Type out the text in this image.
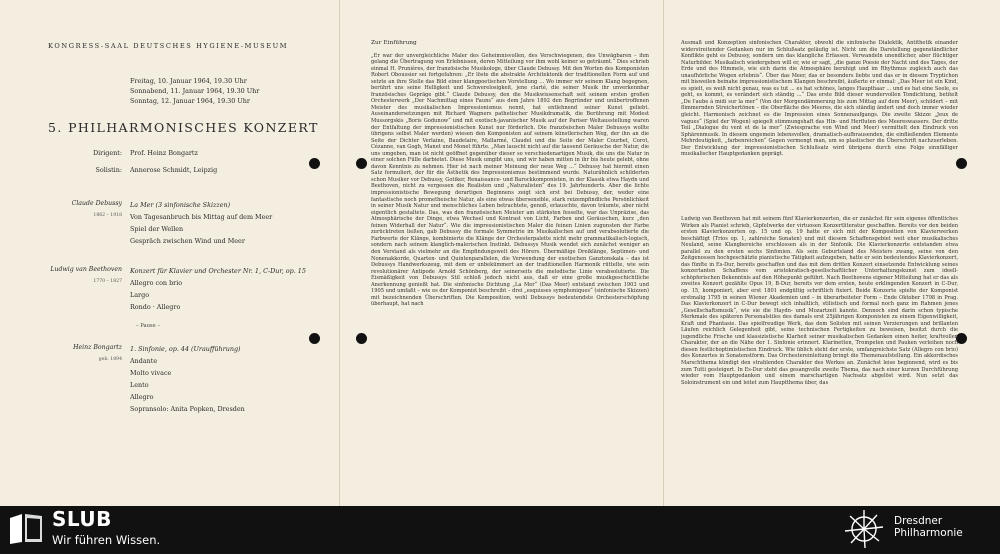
KONGRESS-SAAL DEUTSCHES HYGIENE-MUSEUM
Freitag, 10. Januar 1964, 19.30 Uhr
Sonnabend, 11. Januar 1964, 19.30 Uhr
Sonntag, 12. Januar 1964, 19.30 Uhr
5. PHILHARMONISCHES KONZERT
Dirigent:	Prof. Heinz Bongartz
Solistin:	Annerose Schmidt, Leipzig
Claude Debussy
1862 – 1918
La Mer (3 sinfonische Skizzen)
Von Tagesanbruch bis Mittag auf dem Meer
Spiel der Wellen
Gespräch zwischen Wind und Meer
Ludwig van Beethoven
1770 – 1827
Konzert für Klavier und Orchester Nr. 1, C-Dur, op. 15
Allegro con brio
Largo
Rondo · Allegro
– Pause –
Heinz Bongartz
geb. 1894
1. Sinfonie, op. 44 (Uraufführung)
Andante
Molto vivace
Lento
Allegro
Sopransolo: Anita Popken, Dresden
Zur Einführung

„Er war der unvergleichliche Maler des Geheimnisvollen, des Verschwiegenen, des Unwägbaren – ihm gelang die Übertragung von Erlebnissen, deren Mitteilung vor ihm wohl keiner so geträumt.“ Dies schrieb einmal H. Prunières, der französische Musikologe, über Claude Debussy. Mit den Worten des Komponisten Robert Oboussier sei fortgefahren: „Er löste die abstrakte Architektonik der traditionellen Form auf und setzte an ihre Stelle das Bild einer klangpoetischen Vorstellung ... Wo immer wir seinem Klang begegnen, berührt uns seine Helligkeit und Schwerelosigkeit, jene clarté, die seiner Musik ihr unverkennbar französisches Gepräge gibt.“ Claude Debussy, den die Musikwissenschaft seit seinem ersten großen Orchesterwerk „Der Nachmittag eines Fauns“ aus dem Jahre 1892 den Begründer und unübertroffenen Meister des musikalischen Impressionismus nennt, hat entlehnend seiner Kunst geliebt. Auseinandersetzungen mit Richard Wagners pathetischer Musikdramatik, die Berührung mit Modest Mussorgskis „Boris Godunow“ und mit exotisch-javanischer Musik auf der Pariser Weltausstellung waren der Entfaltung der impressionistischen Kunst nur förderlich. Die französischen Maler Debussys wollte übrigens selbst Maler werden) wiesen den Komponisten auf seinem künstlerischen Weg, der ihn an die Seite der Dichter Verlaine, Baudelaire, Mallarmé, Claudel und die Seite der Maler Courbet, Corot, Cézanne, van Gogh, Manet und Monet führte. „Man lauscht nicht auf die tausend Geräusche der Natur, die uns umgeben, man ist nicht geöffnet gegenüber dieser so verschiedenartigen Musik, die uns die Natur in einer solchen Fülle darbietet. Diese Musik umgibt uns, und wir haben mitten in ihr bis heute gelebt, ohne davon Kenntnis zu nehmen. Hier ist nach meiner Meinung der neue Weg ...“ Debussy hat hiermit einen Satz formuliert, der für die Ästhetik des Impressionismus bestimmend wurde. Naturähnlich schilderten schon Musiker vor Debussy, Gotiker, Renaissance- und Barockkomponisten, in der Klassik etwa Haydn und Beethoven, nicht zu vergessen die Realisten und „Naturalisten“ des 19. Jahrhunderts. Aber die lichte impressionistische Bewegung derartigen Beginnens zeigt sich erst bei Debussy, der, weder eine fantastische noch prometheische Natur, als eine etwas übersensible, stark reizempfindliche Persönlichkeit in seiner Musik Natur und menschliches Leben betrachtete, genoß, erlauschte, davon träumte, aber nicht eigentlich gestaltete. Das, was den französischen Meister am stärksten fesselte, war das Unpräzise, das Atmosphärische der Dinge, etwa Wechsel und Kontrast von Licht, Farben und Geräuschen, kurz „den feinen Widerhall der Natur“. Wie die impressionistischen Maler die feinen Linien zugunsten der Farbe zurücktreten ließen, gab Debussy die formale Symmetrie im Musikalischen auf und verabsolutierte die Farbwerte der Klänge, kombinierte die Klänge der Orchesterpalette nicht mehr grammatikalisch-logisch, sondern nach seinem klanglich-malerischen Instinkt. Debussys Musik wendet sich zunächst weniger an den Verstand als vielmehr an die Empfindungswelt des Hörers. Übermäßige Dreiklänge, Septimen- und Nonenakkorde, Quarten- und Quintenparallelen, die Verwendung der exotischen Ganztonskala – das ist Debussys Handwerkszeug, mit dem er unbekümmert an der traditionellen Harmonik rüttelte, wie sein revolutionärer Antipode Arnold Schönberg, der seinerseits die melodische Linie verabsolutierte. Die Eismäßigkeit von Debussys Stil schloß jedoch nicht aus, daß er eine große musikgeschichtliche Anerkennung genießt hat. Die sinfonische Dichtung „La Mer“ (Das Meer) entstand zwischen 1903 und 1905 und umfaßt – wie es der Komponist beschreibt – drei „esquisses symphoniques“ (sinfonische Skizzen) mit bezeichnenden Überschriften. Die Komposition, wohl Debussys bedeutendste Orchesterschöpfung überhaupt, hat nach

Ausmaß und Konzeption sinfonischen Charakter, obwohl die sinfonische Dialektik, Antithetik einander widerstreitender Gedanken nur im Schlußsatz geläufig ist. Nicht um die Darstellung gegenständlicher Konflikte geht es Debussy, sondern um das klangliche Erfassen. Verwandeln unendlicher, aber flüchtiger Naturbilder. Musikalisch wiedergeben will er, wie er sagt, „die ganze Poesie der Nacht und des Tages, der Erde und des Himmels, wie sich darin die Atmosphäre beruhigt und im Rhythmus zugleich auch das unaufhörliche Wogen erlebnis“. Über das Meer, das er besonders liebte und das er in diesem Tryptichon mit bisweilen beinahe impressionistischem Klangen beschreibt, äußerte er einmal: „Das Meer ist ein Kind, es spielt, es weiß nicht genau, was es tut ... es hat schönes, langes Haupthaar ... und es hat eine Seele, es geht, es kommt, es verändert sich ständig ...“ Das erste Bild dieser wundervollen Tondichtung, betitelt „De l'aube à midi sur la mer“ (Von der Morgendämmerung bis zum Mittag auf dem Meer), schildert – mit flimmernden Streichertönen – die Oberfläche des Meeres, die sich ständig ändert und doch immer wieder gleicht. Harmonisch zeichnet es die Impression eines Sonnenaufgangs. Die zweite Skizze „Jeux de vagues“ (Spiel der Wogen) spiegelt stimmungshaft das Hin- und Herfluten des Meereswassers. Der dritte Teil „Dialogue du vent et de la mer“ (Zwiesprache von Wind und Meer) vermittelt den Eindruck von Sphärenmusik. In diesem ungemein lebensvollen, dramatisch-aufbrausenden, die einfließenden Elemente Mehrdeutigkeit, „farbenreichen“ Gegen vermengt man, um so plastischer die Überschrift nachzuerleben. Der Entwicklung der impressionistischen Schlußsatz wird übrigens durch eine Folge sinnfälliger musikalischer Hauptgedanken geprägt.

Ludwig van Beethoven hat mit seinem fünf Klavierkonzerten, die er zunächst für sein eigenes öffentliches Wirken als Pianist schrieb, Gipfelwerke der virtuosen Konzertliteratur geschaffen. Bereits vor den beiden ersten Klavierkonzerten op. 15 und op. 19 hatte er sich mit der Komposition von Klavierwerken beschäftigt (Trios op. 1, zahlreiche Sonaten) und mit diesem Schaffensgebiet weit eher musikalisches Neuland, seine Klangbereiche erschlossen als in der Sinfonik. Die Klavierkonzerte entstanden etwa parallel zu den ersten sechs Sinfonien. Als sein Geburtsland des Meisters zwang, seine von den Zeitgenossen hochgeschätzte pianistische Tätigkeit aufzugeben, hatte er sein bedeutendes Klavierkonzert, das fünfte in Es-Dur, bereits geschaffen und das mit dem dritten Konzert einsetzende Entwicklung seines konzertanten Schaffens vom aristokratisch-gesellschaftlicher Unterhaltungskunst zum ideell-schöpferischen Bekenntnis auf den Höhepunkt geführt. Nach Beethovens eigener Mitteilung hat er das als zweites Konzert gezählte Opus 19, B-Dur, bereits vor dem ersten, heute erklingenden Konzert in C-Dur, op. 15, komponiert, aber erst 1801 endgültig schriftlich fixiert. Beide Konzerte spielte der Komponist erstmalig 1795 in seinen Wiener Akademien und – in überarbeiteter Form – Ende Oktober 1798 in Prag. Das Klavierkonzert in C-Dur bewegt sich inhaltlich, stilistisch und formal noch ganz im Rahmen jenes „Gesellschaftsmusik“, wie sie die Haydn- und Mozartzeit kannte. Dennoch sind darin schon typische Merkmale des späteren Personalstiles des damals erst 25jährigen Komponisten zu einem Eigenwilligkeit, Kraft und Phantasie. Das spielfreudige Werk, das dem Solisten mit seinen Verzierungen und brillanten Läufen reichlich Gelegenheit gibt, seine technischen Fertigkeiten zu beweisen, besitzt durch die jugendliche Frische und klassizistische Klarheit seiner musikalischen Gedanken einen heiter, kraftvollen Charakter, der an die Nähe der 1. Sinfonie erinnert. Klarinetten, Trompeten und Pauken verleihen noch diesen festlichoptimistischen Eindruck. Wie üblich steht der erste, umfangreichste Satz (Allegro con brio) des Konzertes in Sonatenstform. Das Orchestereinleitung bringt die Themenaufstellung. Ein akkordisches Marschthema kündigt den strahlenden Charakter des Werkes an. Zunächst leise beginnend, wird es bis zum Tutti gesteigert. In Es-Dur steht das gesangvolle zweite Thema, das nach einer kurzen Durchführung wieder vom Hauptgedanken und einem marschartigen Nachsatz abgelöst wird. Nun setzt das Soloinstrument ein und leitet zum Hauptthema über, das

SLUB
Wir führen Wissen.
Dresdner
Philharmonie
